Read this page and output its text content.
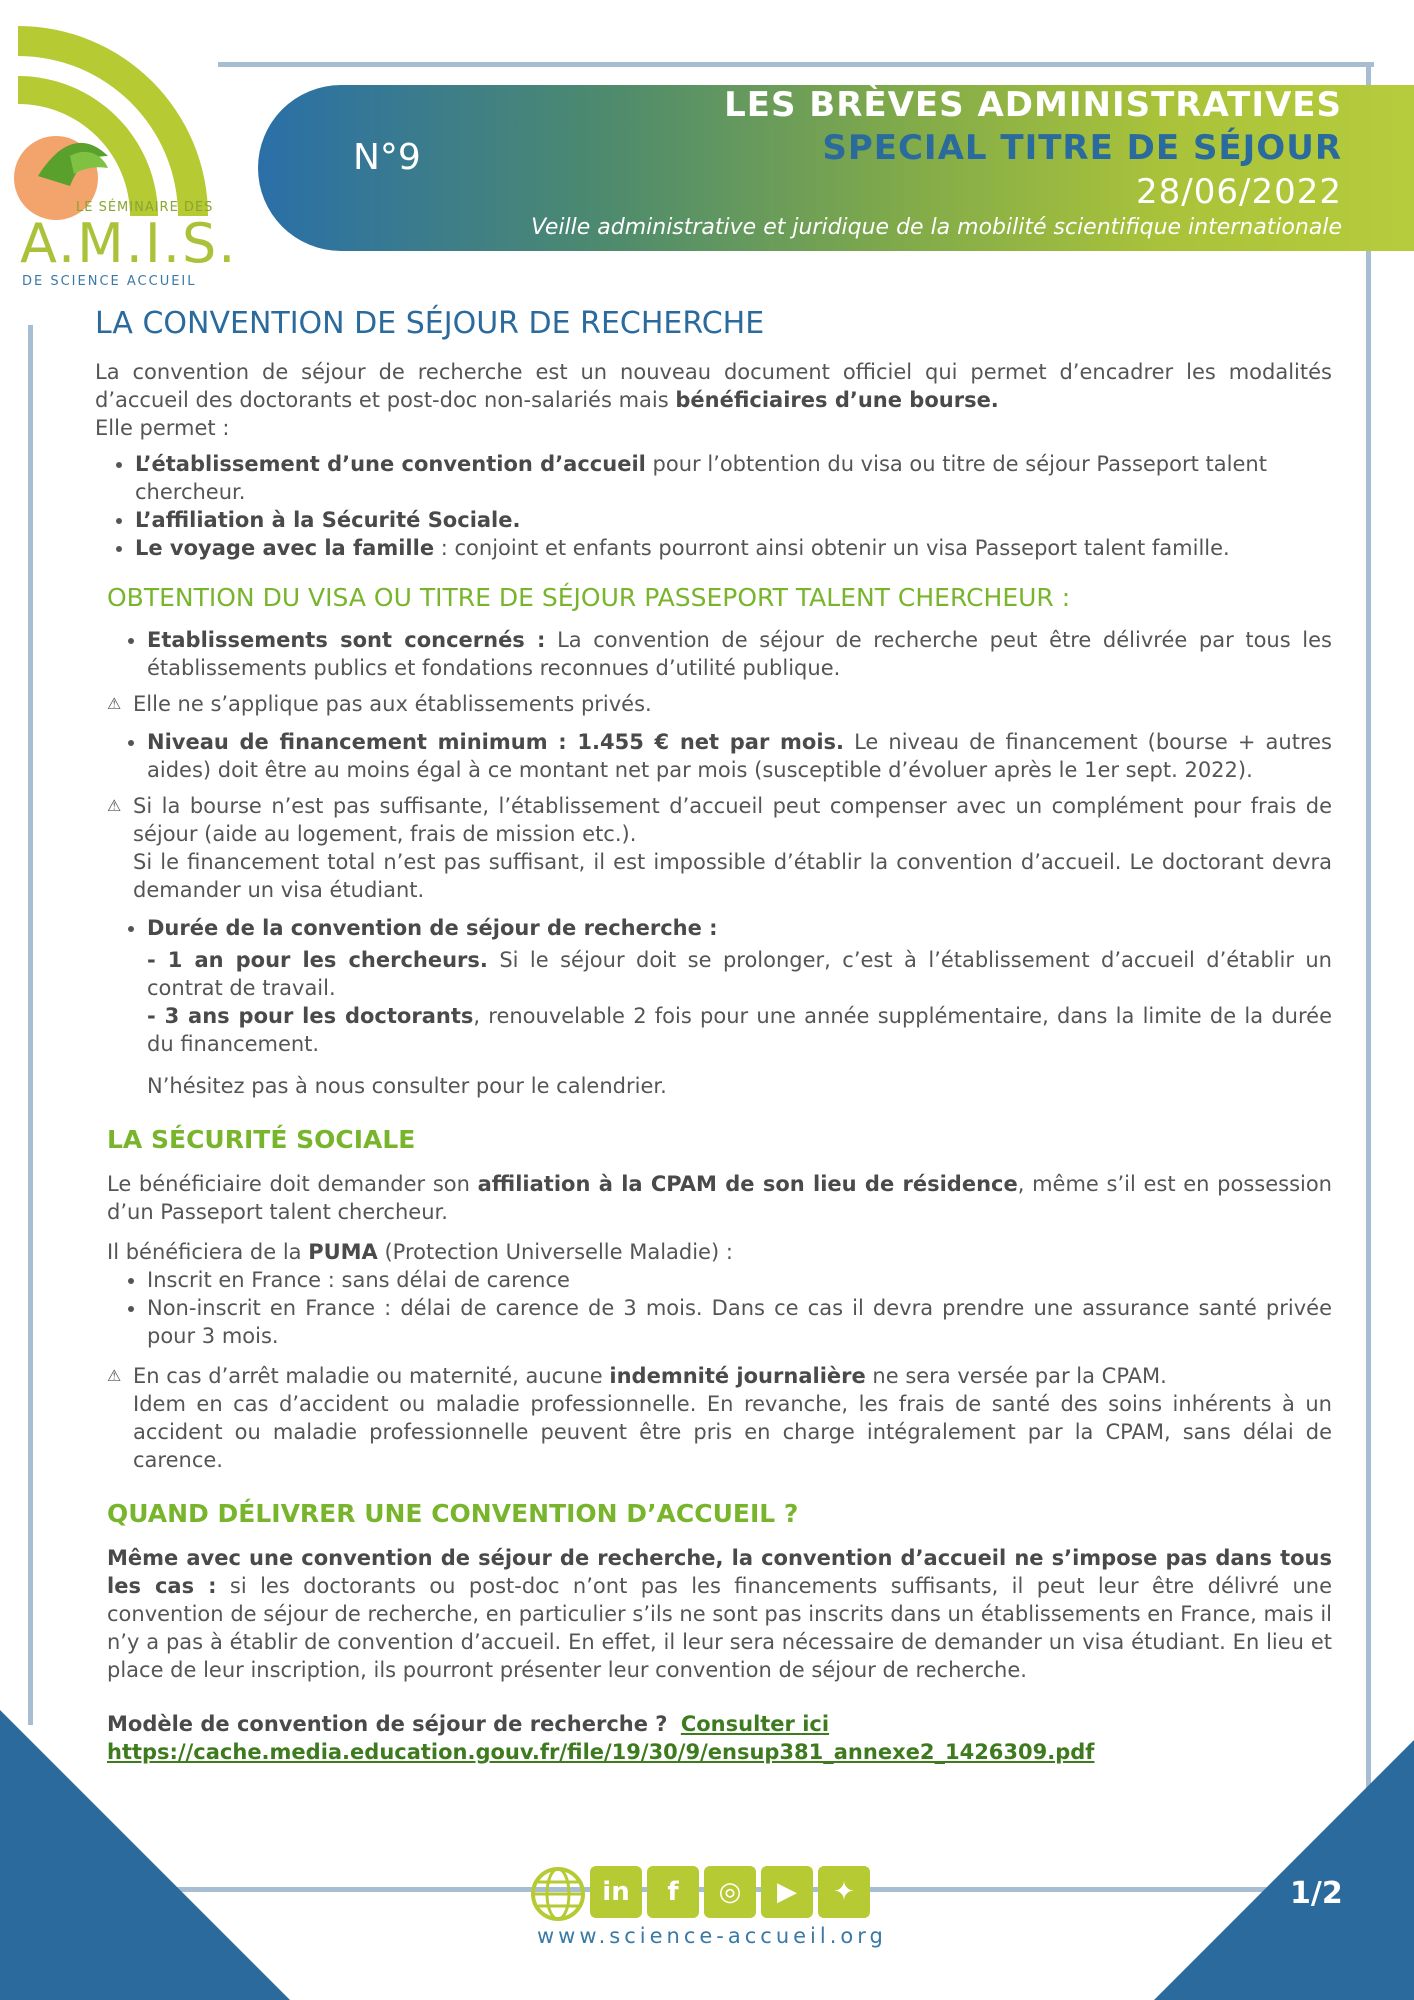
LE SÉMINAIRE DES
A.M.I.S.
DE SCIENCE ACCUEIL
N°9
LES BRÈVES ADMINISTRATIVES
SPECIAL TITRE DE SÉJOUR
28/06/2022
Veille administrative et juridique de la mobilité scientifique internationale
LA CONVENTION DE SÉJOUR DE RECHERCHE

La convention de séjour de recherche est un nouveau document officiel qui permet d’encadrer les modalités d’accueil des doctorants et post-doc non-salariés mais bénéficiaires d’une bourse.

Elle permet :

• L’établissement d’une convention d’accueil pour l’obtention du visa ou titre de séjour Passeport talent chercheur.
• L’affiliation à la Sécurité Sociale.
• Le voyage avec la famille : conjoint et enfants pourront ainsi obtenir un visa Passeport talent famille.
OBTENTION DU VISA OU TITRE DE SÉJOUR PASSEPORT TALENT CHERCHEUR :
• Etablissements sont concernés : La convention de séjour de recherche peut être délivrée par tous les établissements publics et fondations reconnues d’utilité publique.

⚠ Elle ne s’applique pas aux établissements privés.

• Niveau de financement minimum : 1.455 € net par mois. Le niveau de financement (bourse + autres aides) doit être au moins égal à ce montant net par mois (susceptible d’évoluer après le 1er sept. 2022).

⚠ Si la bourse n’est pas suffisante, l’établissement d’accueil peut compenser avec un complément pour frais de séjour (aide au logement, frais de mission etc.).

Si le financement total n’est pas suffisant, il est impossible d’établir la convention d’accueil. Le doctorant devra demander un visa étudiant.

• Durée de la convention de séjour de recherche :

- 1 an pour les chercheurs. Si le séjour doit se prolonger, c’est à l’établissement d’accueil d’établir un contrat de travail.

- 3 ans pour les doctorants, renouvelable 2 fois pour une année supplémentaire, dans la limite de la durée du financement.

N’hésitez pas à nous consulter pour le calendrier.

LA SÉCURITÉ SOCIALE

Le bénéficiaire doit demander son affiliation à la CPAM de son lieu de résidence, même s’il est en possession d’un Passeport talent chercheur.

Il bénéficiera de la PUMA (Protection Universelle Maladie) :

• Inscrit en France : sans délai de carence
• Non-inscrit en France : délai de carence de 3 mois. Dans ce cas il devra prendre une assurance santé privée pour 3 mois.

⚠ En cas d’arrêt maladie ou maternité, aucune indemnité journalière ne sera versée par la CPAM.

Idem en cas d’accident ou maladie professionnelle. En revanche, les frais de santé des soins inhérents à un accident ou maladie professionnelle peuvent être pris en charge intégralement par la CPAM, sans délai de carence.

QUAND DÉLIVRER UNE CONVENTION D’ACCUEIL ?

Même avec une convention de séjour de recherche, la convention d’accueil ne s’impose pas dans tous les cas : si les doctorants ou post-doc n’ont pas les financements suffisants, il peut leur être délivré une convention de séjour de recherche, en particulier s’ils ne sont pas inscrits dans un établissements en France, mais il n’y a pas à établir de convention d’accueil. En effet, il leur sera nécessaire de demander un visa étudiant. En lieu et place de leur inscription, ils pourront présenter leur convention de séjour de recherche.

Modèle de convention de séjour de recherche ? Consulter ici
https://cache.media.education.gouv.fr/file/19/30/9/ensup381_annexe2_1426309.pdf

in	f	◎	▶	✦
www.science-accueil.org
1/2
